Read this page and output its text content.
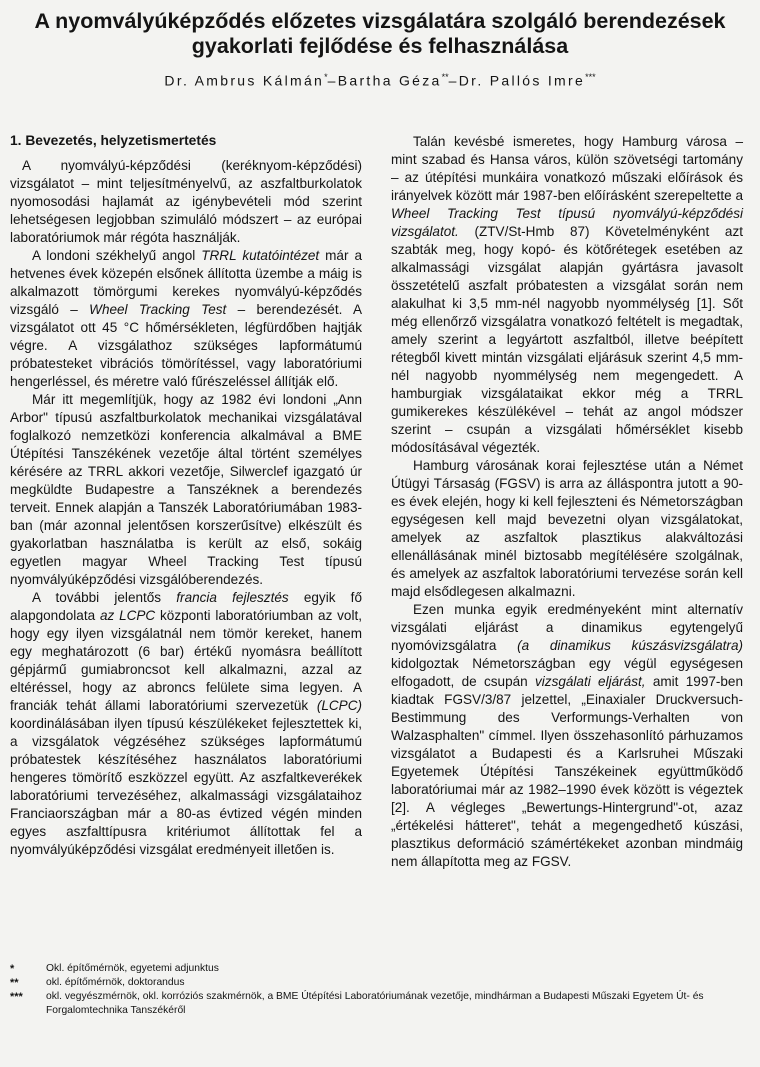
A nyomvályúképződés előzetes vizsgálatára szolgáló berendezések gyakorlati fejlődése és felhasználása
Dr. Ambrus Kálmán*–Bartha Géza**–Dr. Pallós Imre***
1. Bevezetés, helyzetismertetés

A nyomvályú-képződési (keréknyom-képződési) vizsgálatot – mint teljesítményelvű, az aszfaltburkolatok nyomosodási hajlamát az igénybevételi mód szerint lehetségesen legjobban szimuláló módszert – az európai laboratóriumok már régóta használják.

A londoni székhelyű angol TRRL kutatóintézet már a hetvenes évek közepén elsőnek állította üzembe a máig is alkalmazott tömörgumi kerekes nyomvályú-képződés vizsgáló – Wheel Tracking Test – berendezését. A vizsgálatot ott 45 °C hőmérsékleten, légfürdőben hajtják végre. A vizsgálathoz szükséges lapformátumú próbatesteket vibrációs tömörítéssel, vagy laboratóriumi hengerléssel, és méretre való fűrészeléssel állítják elő.

Már itt megemlítjük, hogy az 1982 évi londoni „Ann Arbor" típusú aszfaltburkolatok mechanikai vizsgálatával foglalkozó nemzetközi konferencia alkalmával a BME Útépítési Tanszékének vezetője által történt személyes kérésére az TRRL akkori vezetője, Silwerclef igazgató úr megküldte Budapestre a Tanszéknek a berendezés terveit. Ennek alapján a Tanszék Laboratóriumában 1983-ban (már azonnal jelentősen korszerűsítve) elkészült és gyakorlatban használatba is került az első, sokáig egyetlen magyar Wheel Tracking Test típusú nyomvályúképződési vizsgálóberendezés.

A további jelentős francia fejlesztés egyik fő alapgondolata az LCPC központi laboratóriumban az volt, hogy egy ilyen vizsgálatnál nem tömör kereket, hanem egy meghatározott (6 bar) értékű nyomásra beállított gépjármű gumiabroncsot kell alkalmazni, azzal az eltéréssel, hogy az abroncs felülete sima legyen. A franciák tehát állami laboratóriumi szervezetük (LCPC) koordinálásában ilyen típusú készülékeket fejlesztettek ki, a vizsgálatok végzéséhez szükséges lapformátumú próbatestek készítéséhez használatos laboratóriumi hengeres tömörítő eszközzel együtt. Az aszfaltkeverékek laboratóriumi tervezéséhez, alkalmassági vizsgálataihoz Franciaországban már a 80-as évtized végén minden egyes aszfalttípusra kritériumot állítottak fel a nyomvályúképződési vizsgálat eredményeit illetően is.

Talán kevésbé ismeretes, hogy Hamburg városa – mint szabad és Hansa város, külön szövetségi tartomány – az útépítési munkáira vonatkozó műszaki előírások és irányelvek között már 1987-ben előírásként szerepeltette a Wheel Tracking Test típusú nyomvályú-képződési vizsgálatot. (ZTV/St-Hmb 87) Követelményként azt szabták meg, hogy kopó- és kötőrétegek esetében az alkalmassági vizsgálat alapján gyártásra javasolt összetételű aszfalt próbatesten a vizsgálat során nem alakulhat ki 3,5 mm-nél nagyobb nyommélység [1]. Sőt még ellenőrző vizsgálatra vonatkozó feltételt is megadtak, amely szerint a legyártott aszfaltból, illetve beépített rétegből kivett mintán vizsgálati eljárásuk szerint 4,5 mm-nél nagyobb nyommélység nem megengedett. A hamburgiak vizsgálataikat ekkor még a TRRL gumikerekes készülékével – tehát az angol módszer szerint – csupán a vizsgálati hőmérséklet kisebb módosításával végezték.

Hamburg városának korai fejlesztése után a Német Útügyi Társaság (FGSV) is arra az álláspontra jutott a 90-es évek elején, hogy ki kell fejleszteni és Németországban egységesen kell majd bevezetni olyan vizsgálatokat, amelyek az aszfaltok plasztikus alakváltozási ellenállásának minél biztosabb megítélésére szolgálnak, és amelyek az aszfaltok laboratóriumi tervezése során kell majd elsődlegesen alkalmazni.

Ezen munka egyik eredményeként mint alternatív vizsgálati eljárást a dinamikus egytengelyű nyomóvizsgálatra (a dinamikus kúszásvizsgálatra) kidolgoztak Németországban egy végül egységesen elfogadott, de csupán vizsgálati eljárást, amit 1997-ben kiadtak FGSV/3/87 jelzettel, „Einaxialer Druckversuch-Bestimmung des Verformungs-Verhalten von Walzasphalten" címmel. Ilyen összehasonlító párhuzamos vizsgálatot a Budapesti és a Karlsruhei Műszaki Egyetemek Útépítési Tanszékeinek együttműködő laboratóriumai már az 1982–1990 évek között is végeztek [2]. A végleges „Bewertungs-Hintergrund"-ot, azaz „értékelési hátteret", tehát a megengedhető kúszási, plasztikus deformáció számértékeket azonban mindmáig nem állapította meg az FGSV.

*	Okl. építőmérnök, egyetemi adjunktus
**	okl. építőmérnök, doktorandus
***	okl. vegyészmérnök, okl. korróziós szakmérnök, a BME Útépítési Laboratóriumának vezetője, mindhárman a Budapesti Műszaki Egyetem Út- és Forgalomtechnika Tanszékéről
